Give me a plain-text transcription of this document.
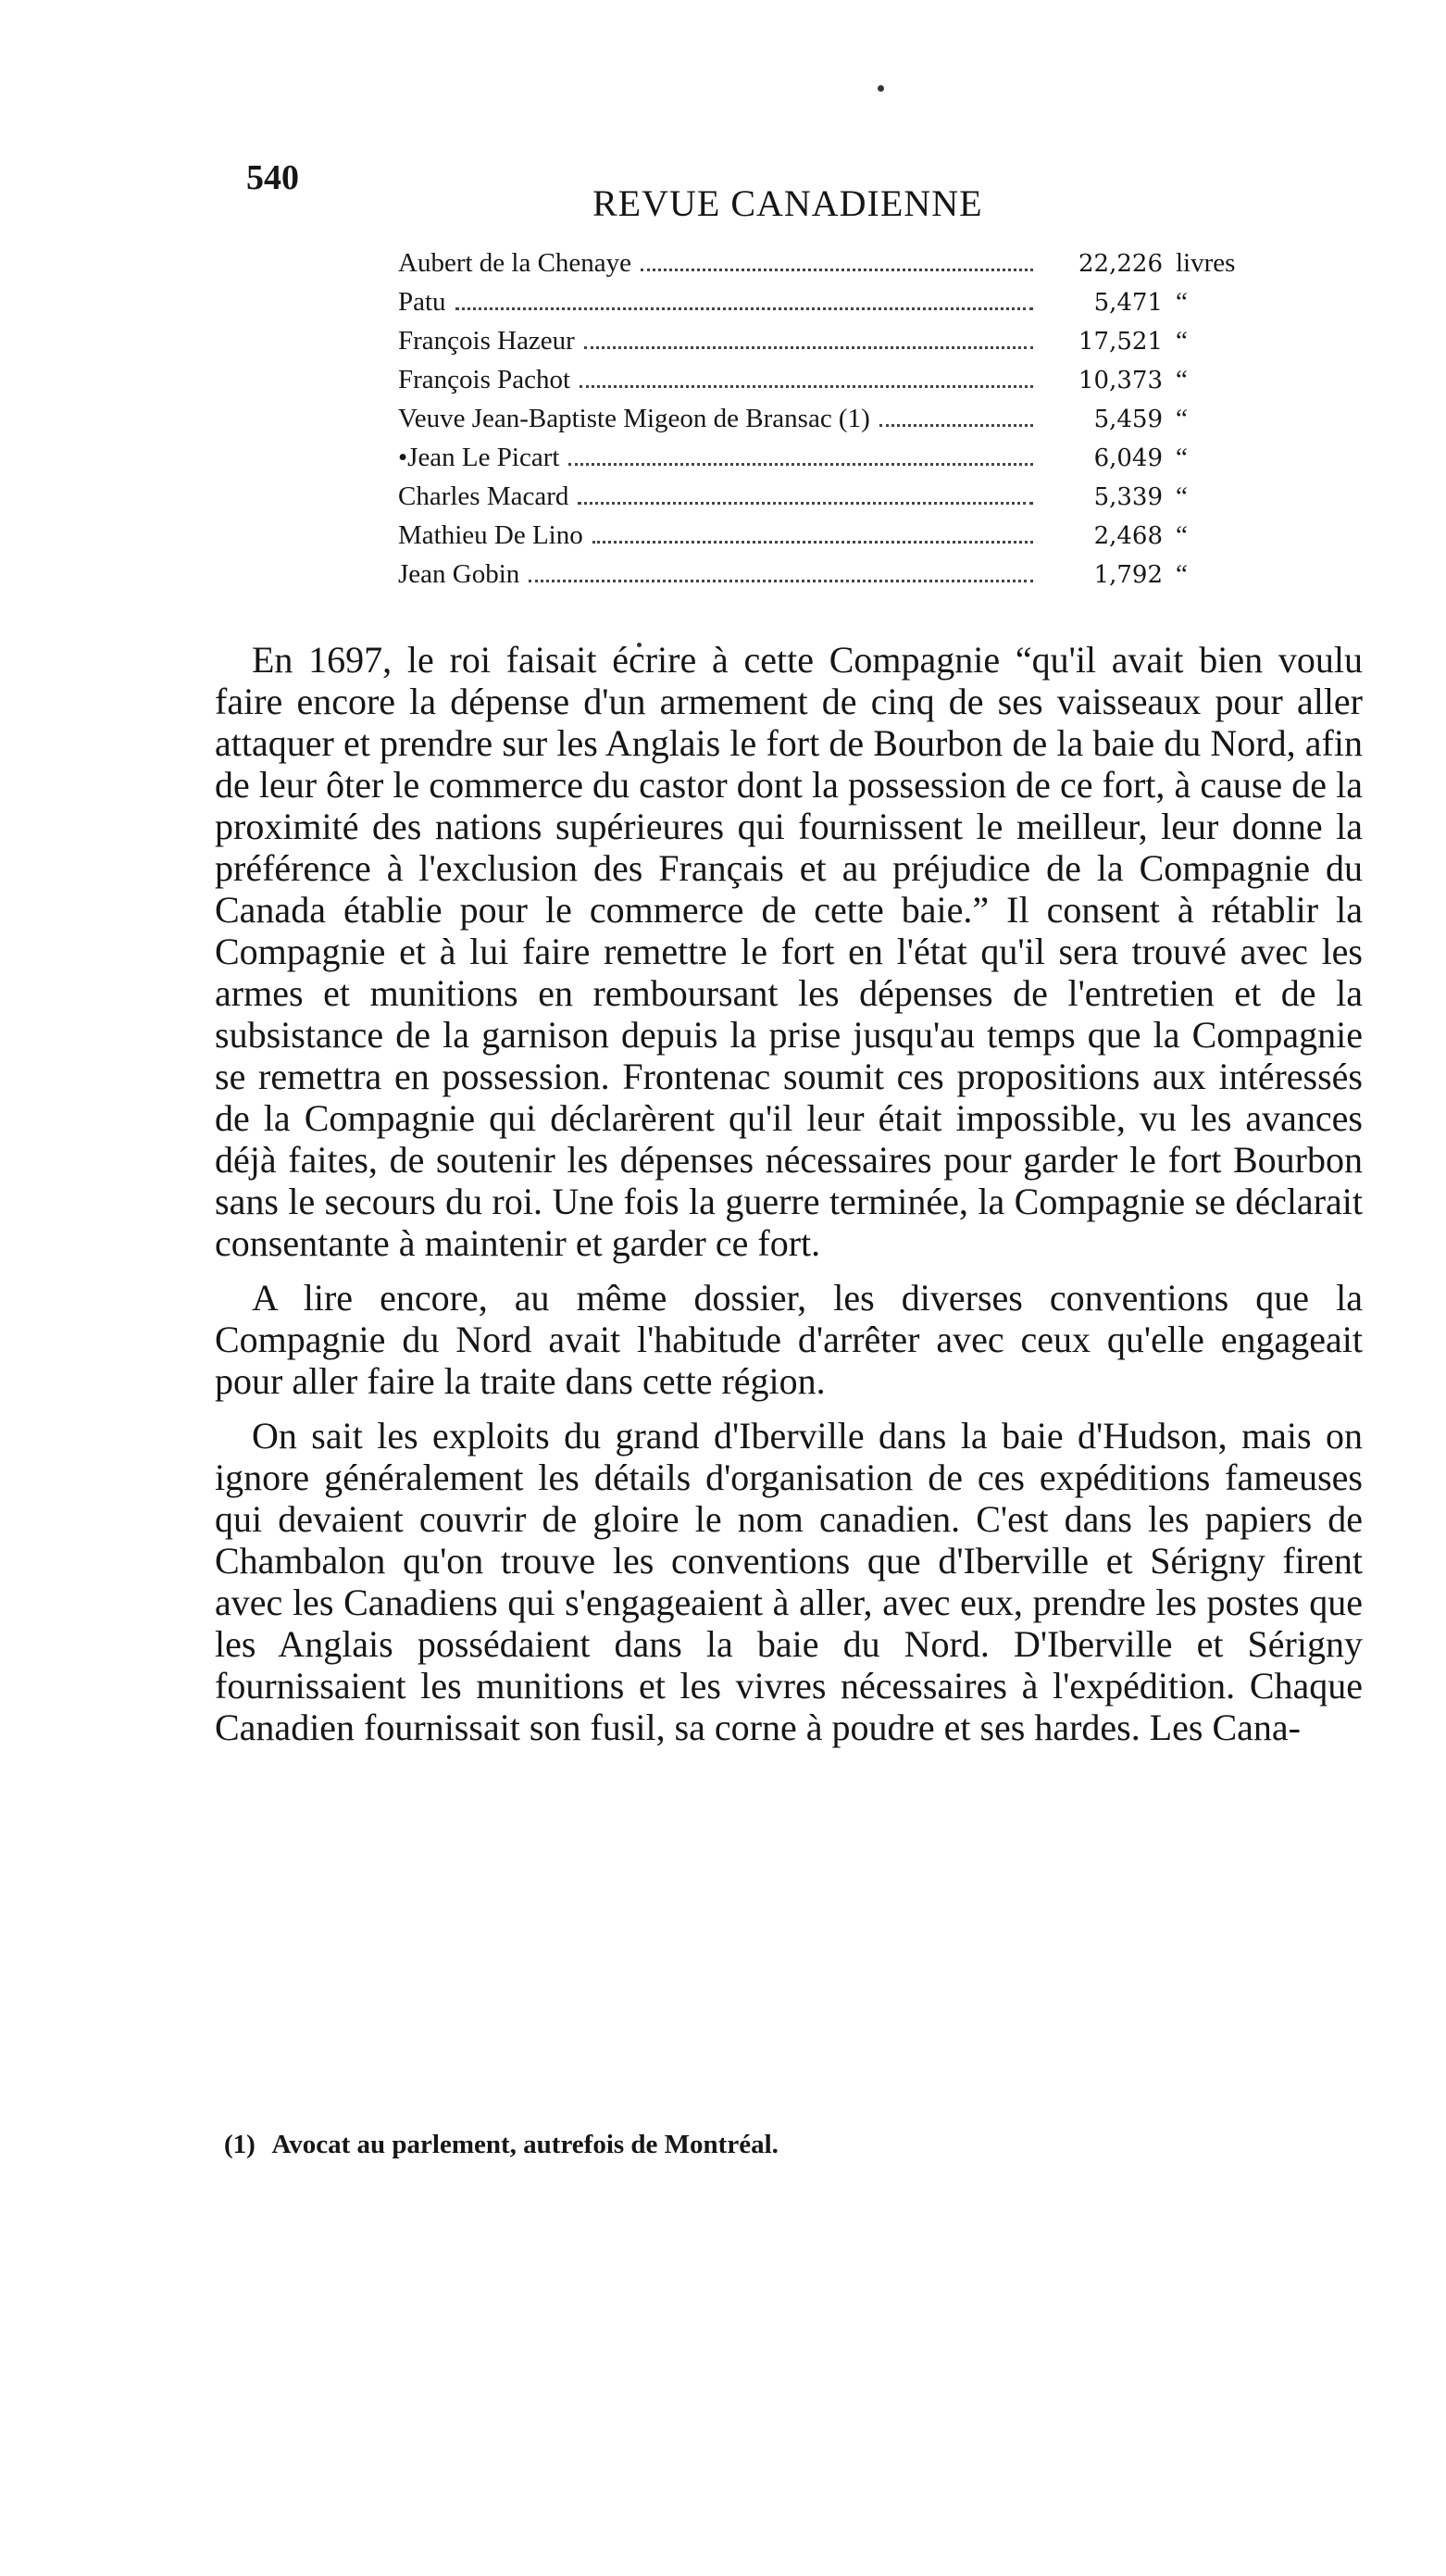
540
REVUE CANADIENNE
Aubert de la Chenaye	22,226 livres
Patu	5,471 “
François Hazeur	17,521 “
François Pachot	10,373 “
Veuve Jean-Baptiste Migeon de Bransac (1)	5,459 “
•Jean Le Picart	6,049 “
Charles Macard	5,339 “
Mathieu De Lino	2,468 “
Jean Gobin	1,792 “

En 1697, le roi faisait écrire à cette Compagnie “qu'il avait bien voulu faire encore la dépense d'un armement de cinq de ses vaisseaux pour aller attaquer et prendre sur les Anglais le fort de Bourbon de la baie du Nord, afin de leur ôter le commerce du castor dont la possession de ce fort, à cause de la proximité des nations supérieures qui fournissent le meilleur, leur donne la préférence à l'exclusion des Français et au préjudice de la Compagnie du Canada établie pour le commerce de cette baie.” Il consent à rétablir la Compagnie et à lui faire remettre le fort en l'état qu'il sera trouvé avec les armes et munitions en remboursant les dépenses de l'entretien et de la subsistance de la garnison depuis la prise jusqu'au temps que la Compagnie se remettra en possession. Frontenac soumit ces propositions aux intéressés de la Compagnie qui déclarèrent qu'il leur était impossible, vu les avances déjà faites, de soutenir les dépenses nécessaires pour garder le fort Bourbon sans le secours du roi. Une fois la guerre terminée, la Compagnie se déclarait consentante à maintenir et garder ce fort.

A lire encore, au même dossier, les diverses conventions que la Compagnie du Nord avait l'habitude d'arrêter avec ceux qu'elle engageait pour aller faire la traite dans cette région.

On sait les exploits du grand d'Iberville dans la baie d'Hudson, mais on ignore généralement les détails d'organisation de ces expéditions fameuses qui devaient couvrir de gloire le nom canadien. C'est dans les papiers de Chambalon qu'on trouve les conventions que d'Iberville et Sérigny firent avec les Canadiens qui s'engageaient à aller, avec eux, prendre les postes que les Anglais possédaient dans la baie du Nord. D'Iberville et Sérigny fournissaient les munitions et les vivres nécessaires à l'expédition. Chaque Canadien fournissait son fusil, sa corne à poudre et ses hardes. Les Cana-

(1) Avocat au parlement, autrefois de Montréal.
